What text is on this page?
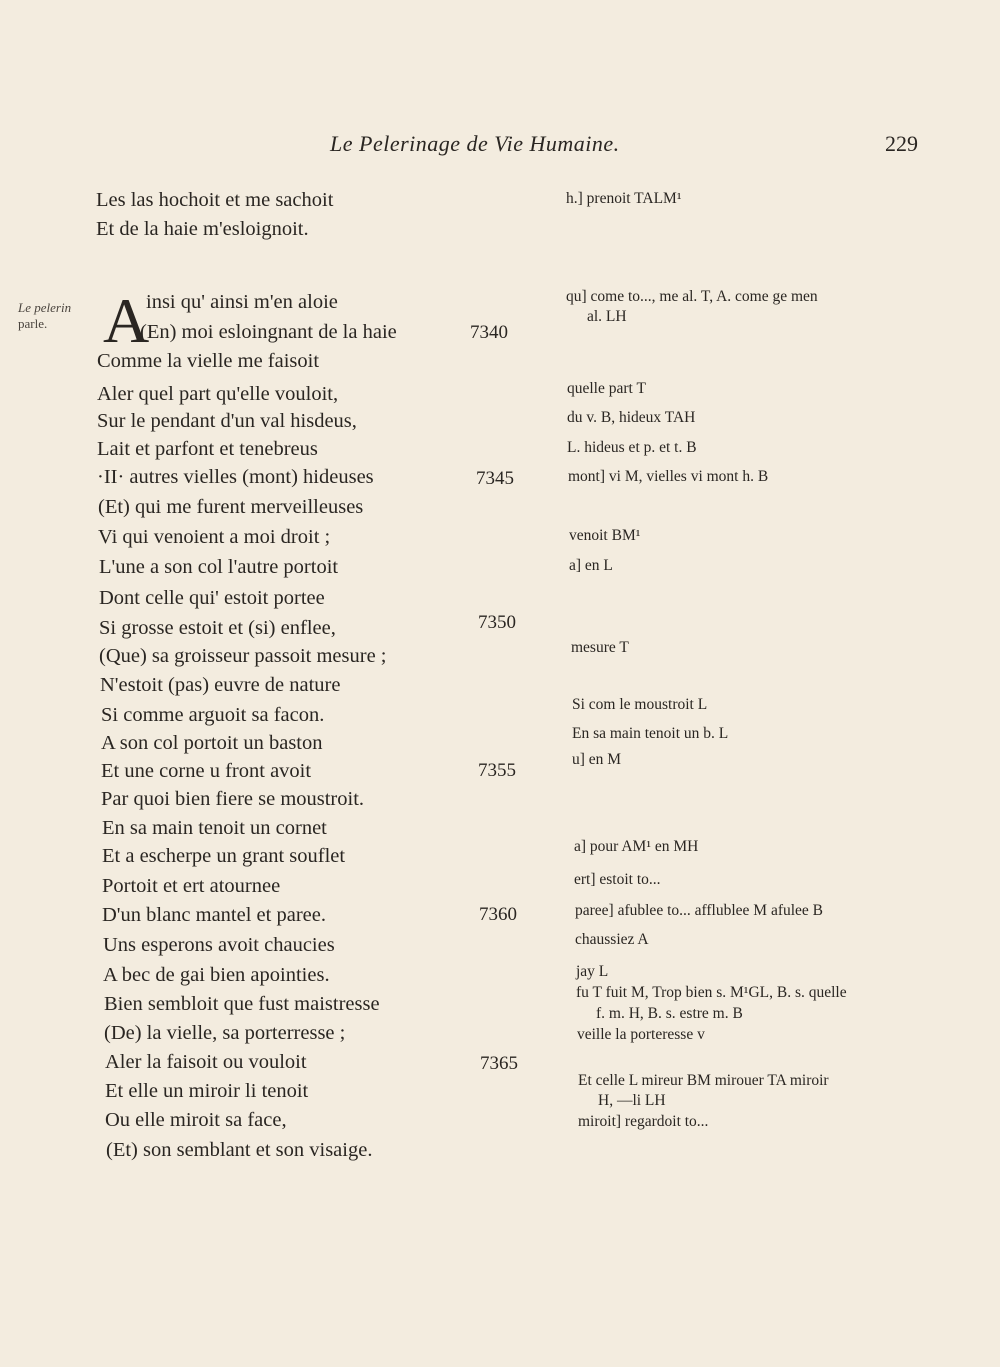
Le Pelerinage de Vie Humaine.	229
Les las hochoit et me sachoit
Et de la haie m'esloignoit.
Le pelerin
parle. A
insi qu' ainsi m'en aloie
(En) moi esloingnant de la haie
Comme la vielle me faisoit
Aler quel part qu'elle vouloit,
Sur le pendant d'un val hisdeus,
Lait et parfont et tenebreus
·II· autres vielles (mont) hideuses
(Et) qui me furent merveilleuses
Vi qui venoient a moi droit ;
L'une a son col l'autre portoit
Dont celle qui' estoit portee
Si grosse estoit et (si) enflee,
(Que) sa groisseur passoit mesure ;
N'estoit (pas) euvre de nature
Si comme arguoit sa facon.
A son col portoit un baston
Et une corne u front avoit
Par quoi bien fiere se moustroit.
En sa main tenoit un cornet
Et a escherpe un grant souflet
Portoit et ert atournee
D'un blanc mantel et paree.
Uns esperons avoit chaucies
A bec de gai bien apointies.
Bien sembloit que fust maistresse
(De) la vielle, sa porterresse ;
Aler la faisoit ou vouloit
Et elle un miroir li tenoit
Ou elle miroit sa face,
(Et) son semblant et son visaige.
7340
7345
7350
7355
7360
7365
h.] prenoit TALM¹
qu] come to..., me al. T, A. come ge men
al. LH
quelle part T
du v. B, hideux TAH
L. hideus et p. et t. B
mont] vi M, vielles vi mont h. B
venoit BM¹
a] en L
mesure T
Si com le moustroit L
En sa main tenoit un b. L
u] en M
a] pour AM¹ en MH
ert] estoit to...
paree] afublee to... afflublee M afulee B
chaussiez A
jay L
fu T fuit M, Trop bien s. M¹GL, B. s. quelle
f. m. H, B. s. estre m. B
veille la porteresse v
Et celle L mireur BM mirouer TA miroir
H, —li LH
miroit] regardoit to...
